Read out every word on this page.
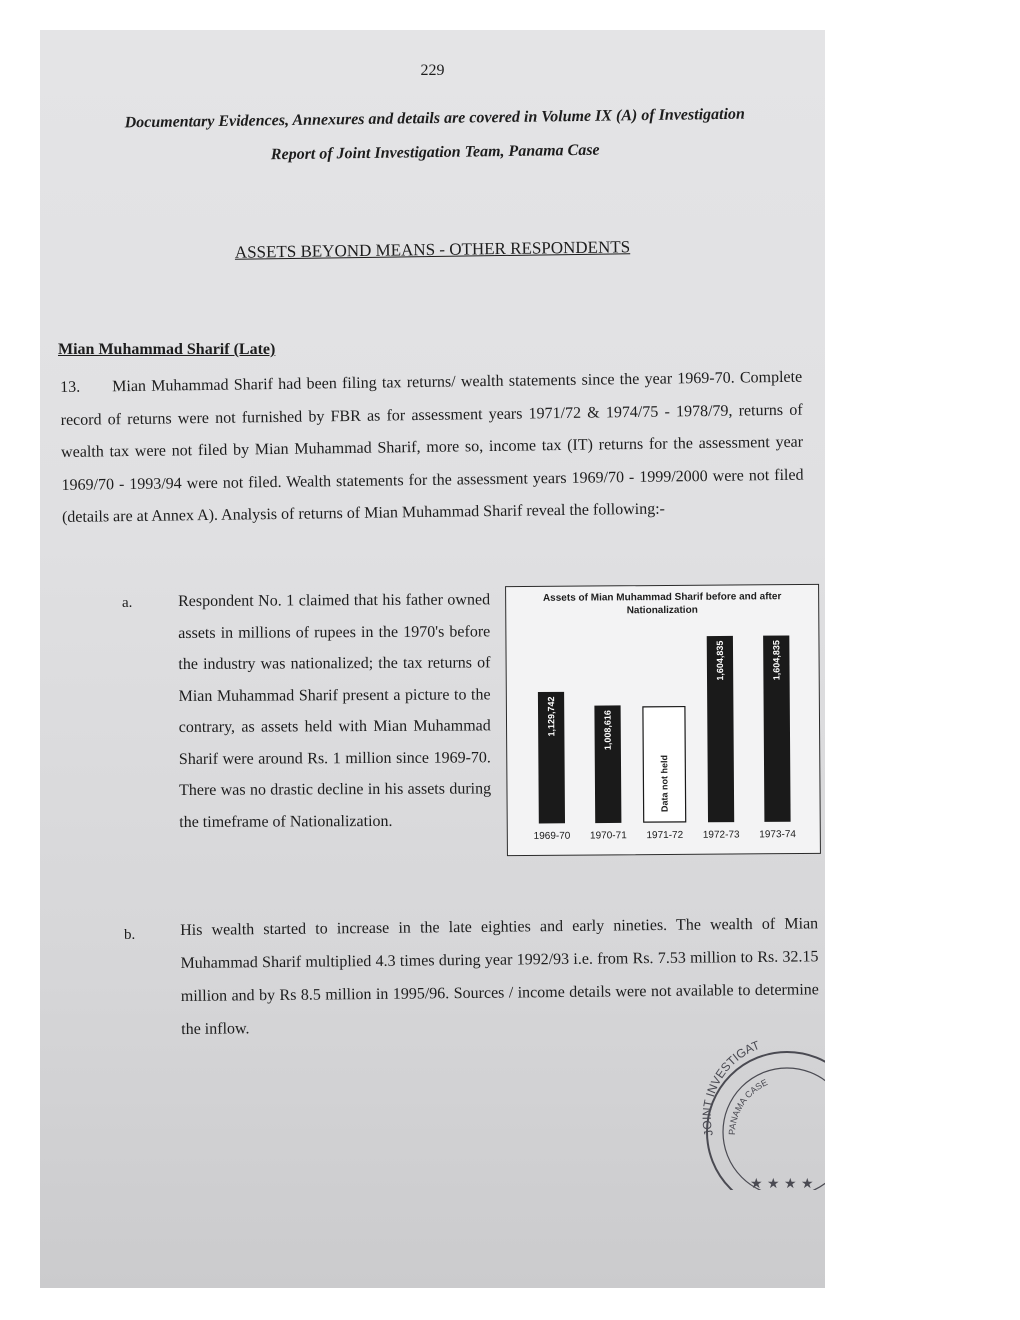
229
Documentary Evidences, Annexures and details are covered in Volume IX (A) of Investigation
Report of Joint Investigation Team, Panama Case
ASSETS BEYOND MEANS - OTHER RESPONDENTS
Mian Muhammad Sharif (Late)
13. Mian Muhammad Sharif had been filing tax returns/ wealth statements since the year 1969-70. Complete record of returns were not furnished by FBR as for assessment years 1971/72 & 1974/75 - 1978/79, returns of wealth tax were not filed by Mian Muhammad Sharif, more so, income tax (IT) returns for the assessment year 1969/70 - 1993/94 were not filed. Wealth statements for the assessment years 1969/70 - 1999/2000 were not filed (details are at Annex A). Analysis of returns of Mian Muhammad Sharif reveal the following:-
a.	Respondent No. 1 claimed that his father owned assets in millions of rupees in the 1970's before the industry was nationalized; the tax returns of Mian Muhammad Sharif present a picture to the contrary, as assets held with Mian Muhammad Sharif were around Rs. 1 million since 1969-70. There was no drastic decline in his assets during the timeframe of Nationalization.
Assets of Mian Muhammad Sharif before and after Nationalization
1,129,742
1969-70
1,008,616
1970-71
Data not held
1971-72
1,604,835
1972-73
1,604,835
1973-74
b.	His wealth started to increase in the late eighties and early nineties. The wealth of Mian Muhammad Sharif multiplied 4.3 times during year 1992/93 i.e. from Rs. 7.53 million to Rs. 32.15 million and by Rs 8.5 million in 1995/96. Sources / income details were not available to determine the inflow.
JOINT INVESTIGAT
PANAMA CASE
★ ★ ★ ★
